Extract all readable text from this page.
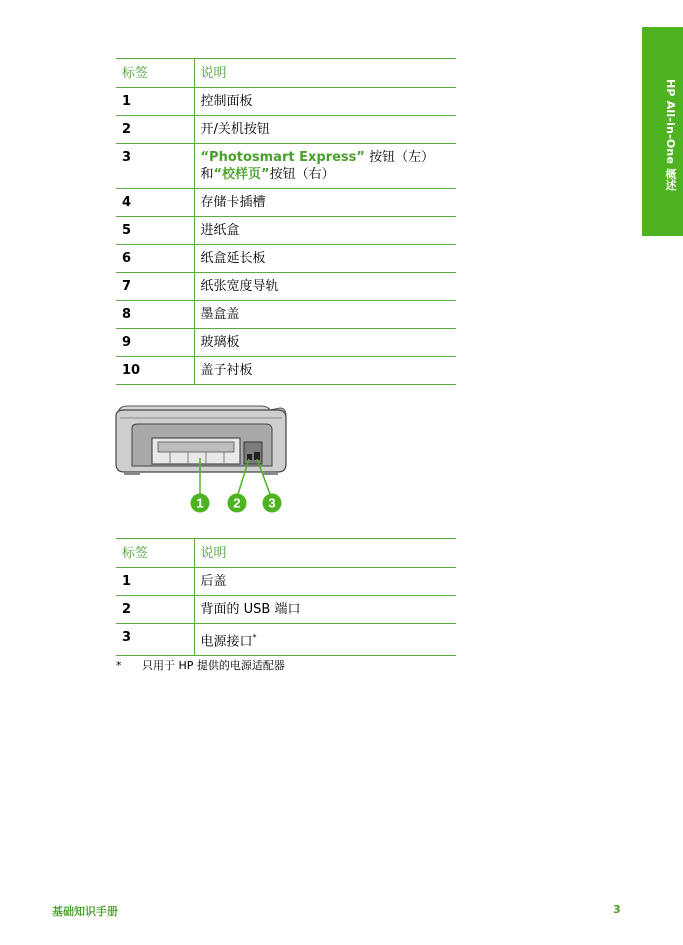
HP All-in-One 概述
标签	说明
1	控制面板
2	开/关机按钮
3	“Photosmart Express” 按钮（左）
和“校样页”按钮（右）
4	存储卡插槽
5	进纸盒
6	纸盒延长板
7	纸张宽度导轨
8	墨盒盖
9	玻璃板
10	盖子衬板
1 2 3
标签	说明
1	后盖
2	背面的 USB 端口
3	电源接口*
* 只用于 HP 提供的电源适配器
基础知识手册	3
